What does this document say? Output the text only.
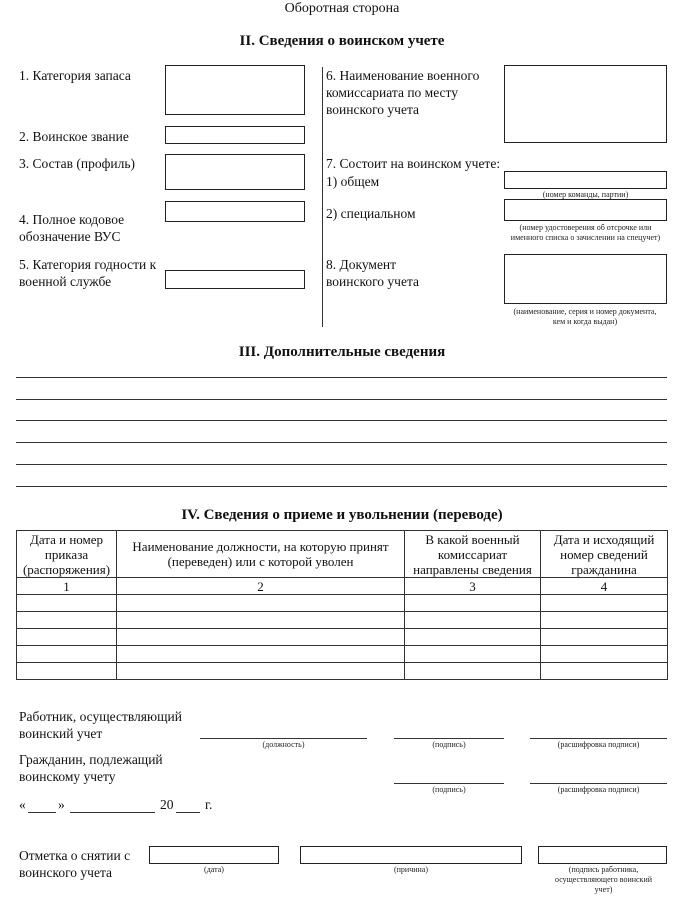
Оборотная сторона
II. Сведения о воинском учете
1. Категория запаса
2. Воинское звание
3. Состав (профиль)
4. Полное кодовое обозначение ВУС
5. Категория годности к военной службе
6. Наименование военного комиссариата по месту воинского учета
7. Состоит на воинском учете:
1) общем
(номер команды, партии)
2) специальном
(номер удостоверения об отсрочке или именного списка о зачислении на спецучет)
8. Документ воинского учета
(наименование, серия и номер документа, кем и когда выдан)
III. Дополнительные сведения
IV. Сведения о приеме и увольнении (переводе)
Дата и номер приказа (распоряжения)	Наименование должности, на которую принят (переведен) или с которой уволен	В какой военный комиссариат направлены сведения	Дата и исходящий номер сведений гражданина
1	2	3	4

Работник, осуществляющий воинский учет
(должность)	(подпись)	(расшифровка подписи)
Гражданин, подлежащий воинскому учету
(подпись)	(расшифровка подписи)
« »	20 г.
Отметка о снятии с воинского учета	(дата)	(причина)	(подпись работника, осуществляющего воинский учет)
